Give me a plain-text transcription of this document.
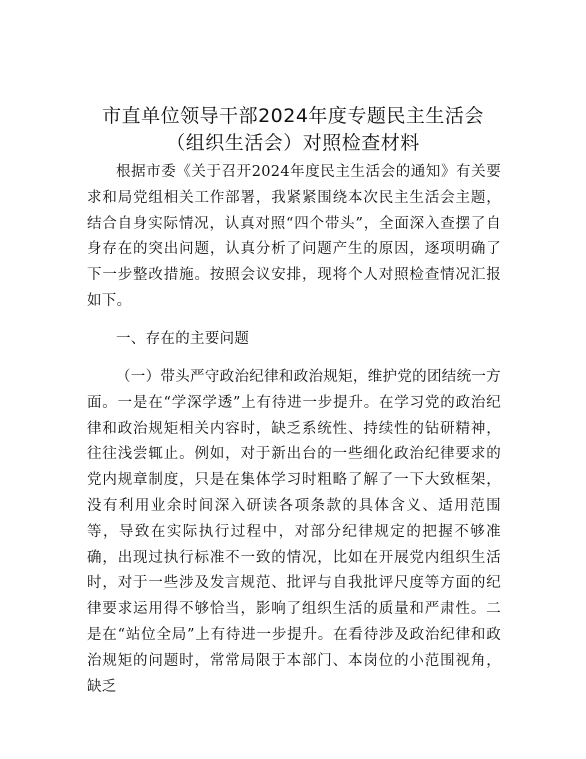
市直单位领导干部2024年度专题民主生活会
（组织生活会）对照检查材料

根据市委《关于召开2024年度民主生活会的通知》有关要求和局党组相关工作部署，我紧紧围绕本次民主生活会主题，结合自身实际情况，认真对照“四个带头”，全面深入查摆了自身存在的突出问题，认真分析了问题产生的原因，逐项明确了下一步整改措施。按照会议安排，现将个人对照检查情况汇报如下。

一、存在的主要问题

（一）带头严守政治纪律和政治规矩，维护党的团结统一方面。一是在“学深学透”上有待进一步提升。在学习党的政治纪律和政治规矩相关内容时，缺乏系统性、持续性的钻研精神，往往浅尝辄止。例如，对于新出台的一些细化政治纪律要求的党内规章制度，只是在集体学习时粗略了解了一下大致框架，没有利用业余时间深入研读各项条款的具体含义、适用范围等，导致在实际执行过程中，对部分纪律规定的把握不够准确，出现过执行标准不一致的情况，比如在开展党内组织生活时，对于一些涉及发言规范、批评与自我批评尺度等方面的纪律要求运用得不够恰当，影响了组织生活的质量和严肃性。二是在“站位全局”上有待进一步提升。在看待涉及政治纪律和政治规矩的问题时，常常局限于本部门、本岗位的小范围视角，缺乏
